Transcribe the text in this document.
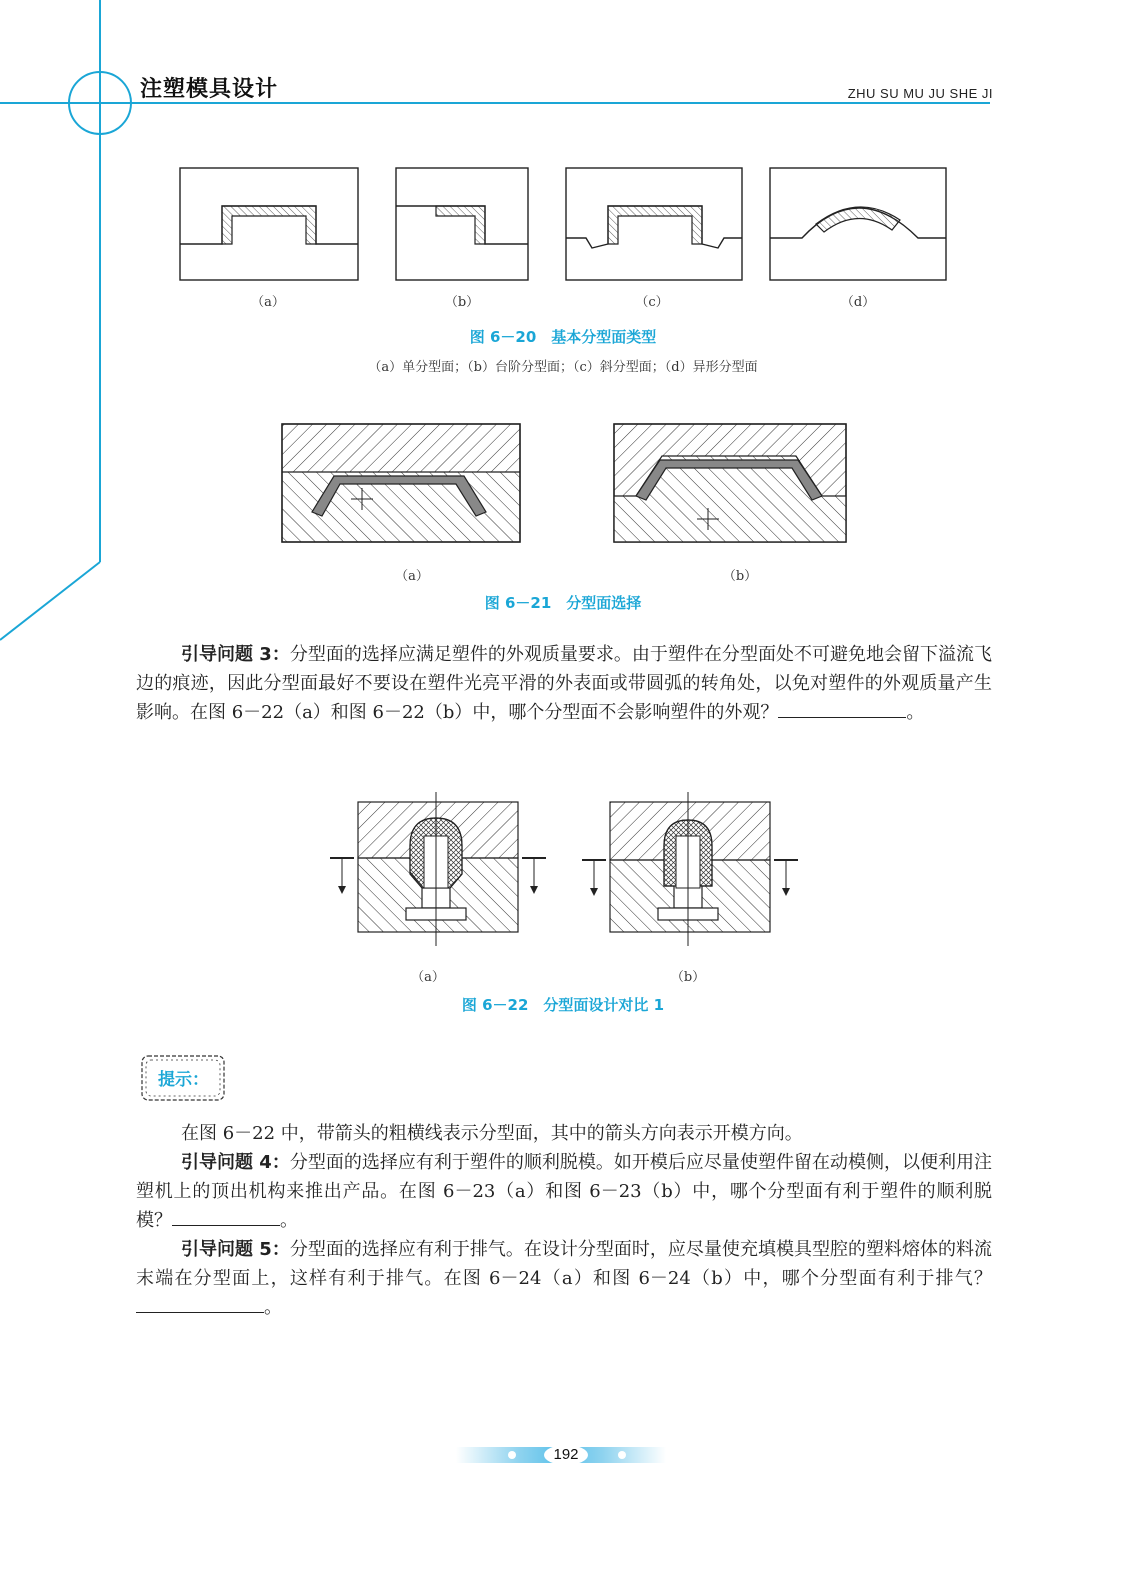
注塑模具设计	ZHU SU MU JU SHE JI
（a）	（b）	（c）	（d）
图 6－20　基本分型面类型
（a）单分型面；（b）台阶分型面；（c）斜分型面；（d）异形分型面
（a）	（b）
图 6－21　分型面选择

引导问题 3：分型面的选择应满足塑件的外观质量要求。由于塑件在分型面处不可避免地会留下溢流飞边的痕迹，因此分型面最好不要设在塑件光亮平滑的外表面或带圆弧的转角处，以免对塑件的外观质量产生影响。在图 6－22（a）和图 6－22（b）中，哪个分型面不会影响塑件的外观？	。

（a）	（b）
图 6－22　分型面设计对比 1
提示：

在图 6－22 中，带箭头的粗横线表示分型面，其中的箭头方向表示开模方向。

引导问题 4：分型面的选择应有利于塑件的顺利脱模。如开模后应尽量使塑件留在动模侧，以便利用注塑机上的顶出机构来推出产品。在图 6－23（a）和图 6－23（b）中，哪个分型面有利于塑件的顺利脱模？	。

引导问题 5：分型面的选择应有利于排气。在设计分型面时，应尽量使充填模具型腔的塑料熔体的料流末端在分型面上，这样有利于排气。在图 6－24（a）和图 6－24（b）中，哪个分型面有利于排气？。

192
